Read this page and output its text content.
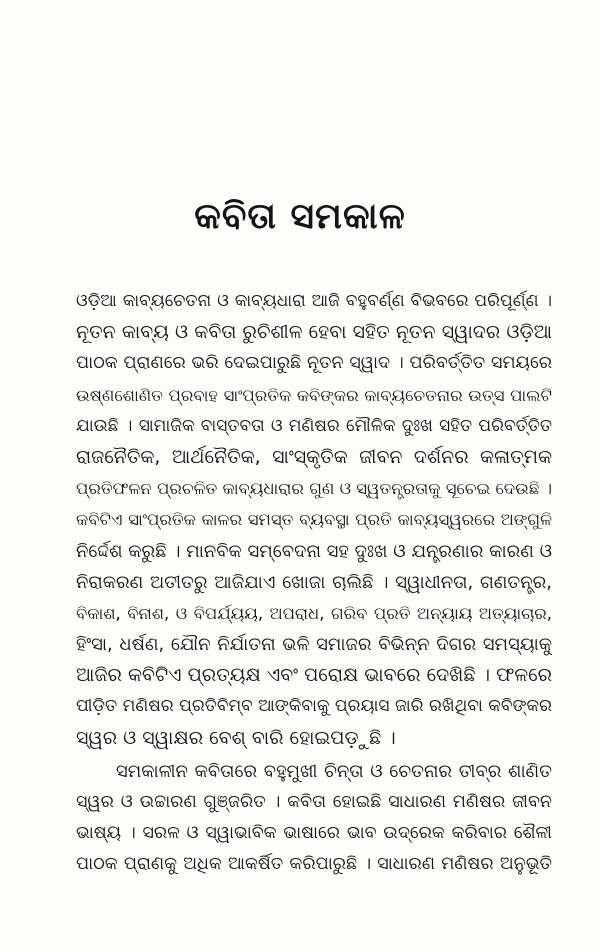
କବିତା ସମକାଳ
ଓଡ଼ିଆ କାବ୍ୟଚେତନା ଓ କାବ୍ୟଧାରା ଆଜି ବହୁବର୍ଣ୍ଣ ବିଭବରେ ପରିପୂର୍ଣ୍ଣ ।
ନୂତନ କାବ୍ୟ ଓ କବିତା ରୁଚିଶୀଳ ହେବା ସହିତ ନୂତନ ସ୍ୱାଦର ଓଡ଼ିଆ
ପାଠକ ପ୍ରାଣରେ ଭରି ଦେଇପାରୁଛି ନୂତନ ସ୍ୱାଦ । ପରିବର୍ତ୍ତିତ ସମୟରେ
ଉଷ୍ଣଶୋଣିତ ପ୍ରବାହ ସାଂପ୍ରତିକ କବିଙ୍କର କାବ୍ୟଚେତନାର ଉତ୍ସ ପାଲଟି
ଯାଉଛି । ସାମାଜିକ ବାସ୍ତବତା ଓ ମଣିଷର ମୌଳିକ ଦୁଃଖ ସହିତ ପରିବର୍ତ୍ତିତ
ରାଜନୈତିକ, ଆର୍ଥନୈତିକ, ସାଂସ୍କୃତିକ ଜୀବନ ଦର୍ଶନର କଳାତ୍ମକ
ପ୍ରତିଫଳନ ପ୍ରଚଳିତ କାବ୍ୟଧାରାର ଗୁଣ ଓ ସ୍ୱତନ୍ତ୍ରତାକୁ ସୂଚେଇ ଦେଉଛି ।
କବିଟିଏ ସାଂପ୍ରତିକ କାଳର ସମସ୍ତ ବ୍ୟବସ୍ଥା ପ୍ରତି କାବ୍ୟସ୍ୱରରେ ଅଙ୍ଗୁଳି
ନିର୍ଦ୍ଦେଶ କରୁଛି । ମାନବିକ ସମ୍ବେଦନା ସହ ଦୁଃଖ ଓ ଯନ୍ତ୍ରଣାର କାରଣ ଓ
ନିରାକରଣ ଅତୀତରୁ ଆଜିଯାଏ ଖୋଜା ଚାଲିଛି । ସ୍ୱାଧୀନତା, ଗଣତନ୍ତ୍ର,
ବିକାଶ, ବିନାଶ, ଓ ବିପର୍ଯ୍ୟୟ, ଅପରାଧ, ଗରିବ ପ୍ରତି ଅନ୍ୟାୟ ଅତ୍ୟାଚାର,
ହିଂସା, ଧର୍ଷଣ, ଯୌନ ନିର୍ଯାତନା ଭଳି ସମାଜର ବିଭିନ୍ନ ଦିଗର ସମସ୍ୟାକୁ
ଆଜିର କବିଟିଏ ପ୍ରତ୍ୟକ୍ଷ ଏବଂ ପରୋକ୍ଷ ଭାବରେ ଦେଖିଛି । ଫଳରେ
ପୀଡ଼ିତ ମଣିଷର ପ୍ରତିବିମ୍ବ ଆଙ୍କିବାକୁ ପ୍ରୟାସ ଜାରି ରଖିଥିବା କବିଙ୍କର
ସ୍ୱର ଓ ସ୍ୱାକ୍ଷର ବେଶ୍ ବାରି ହୋଇପଡ଼ୁଛି ।
ସମକାଳୀନ କବିତାରେ ବହୁମୁଖୀ ଚିନ୍ତା ଓ ଚେତନାର ତୀବ୍ର ଶାଣିତ
ସ୍ୱର ଓ ଉଚ୍ଚାରଣ ଗୁଞ୍ଜରିତ । କବିତା ହୋଇଛି ସାଧାରଣ ମଣିଷର ଜୀବନ
ଭାଷ୍ୟ । ସରଳ ଓ ସ୍ୱାଭାବିକ ଭାଷାରେ ଭାବ ଉଦ୍ରେକ କରିବାର ଶୈଳୀ
ପାଠକ ପ୍ରାଣକୁ ଅଧିକ ଆକର୍ଷିତ କରିପାରୁଛି । ସାଧାରଣ ମଣିଷର ଅନୁଭୂତି
